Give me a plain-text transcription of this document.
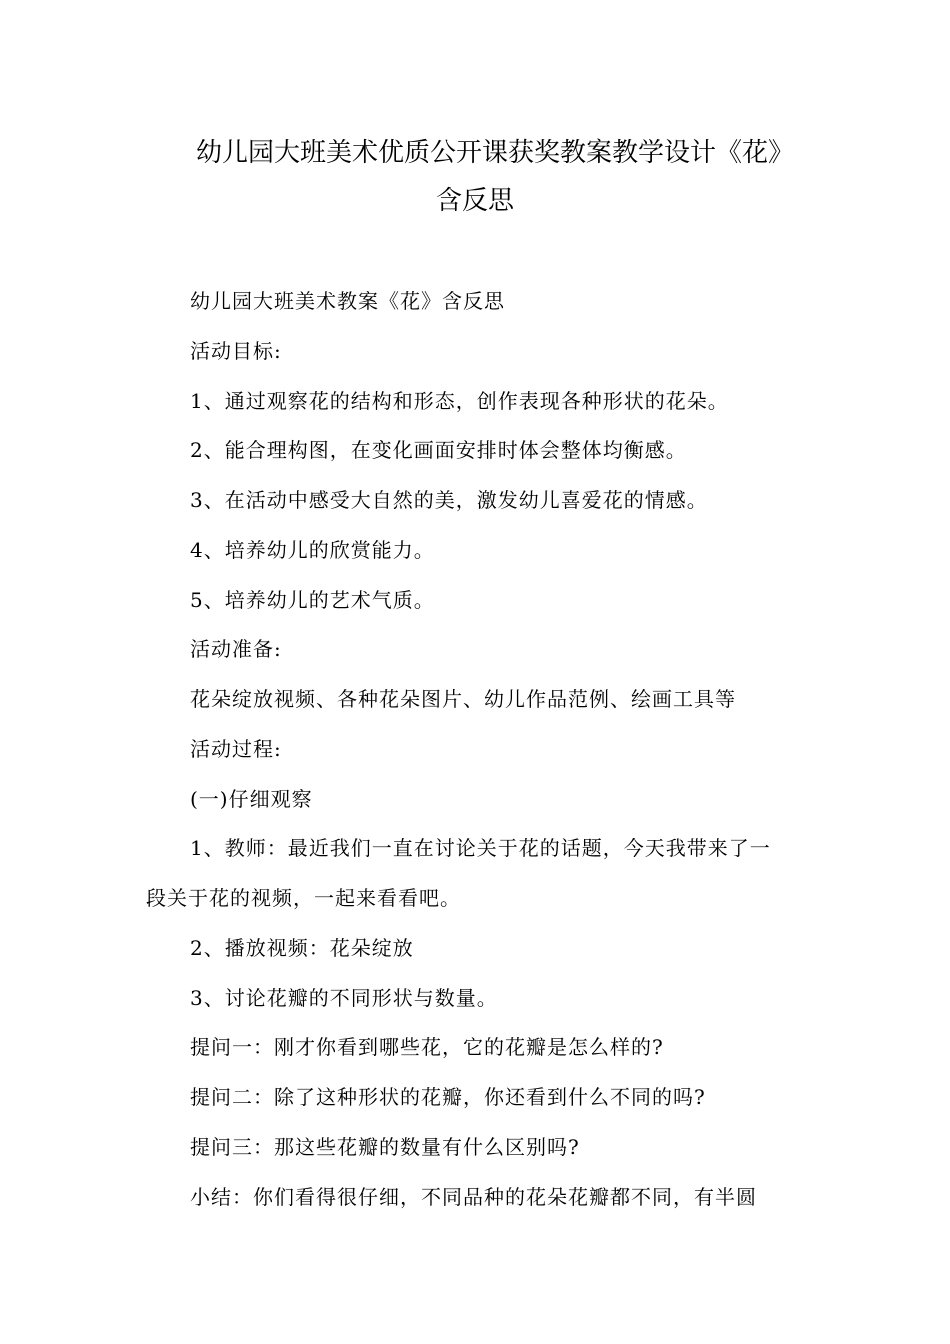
幼儿园大班美术优质公开课获奖教案教学设计《花》
含反思
幼儿园大班美术教案《花》含反思
活动目标:
1、通过观察花的结构和形态，创作表现各种形状的花朵。
2、能合理构图，在变化画面安排时体会整体均衡感。
3、在活动中感受大自然的美，激发幼儿喜爱花的情感。
4、培养幼儿的欣赏能力。
5、培养幼儿的艺术气质。
活动准备:
花朵绽放视频、各种花朵图片、幼儿作品范例、绘画工具等
活动过程:
(一)仔细观察
1、教师：最近我们一直在讨论关于花的话题，今天我带来了一
段关于花的视频，一起来看看吧。
2、播放视频：花朵绽放
3、讨论花瓣的不同形状与数量。
提问一：刚才你看到哪些花，它的花瓣是怎么样的?
提问二：除了这种形状的花瓣，你还看到什么不同的吗?
提问三：那这些花瓣的数量有什么区别吗?
小结：你们看得很仔细，不同品种的花朵花瓣都不同，有半圆
